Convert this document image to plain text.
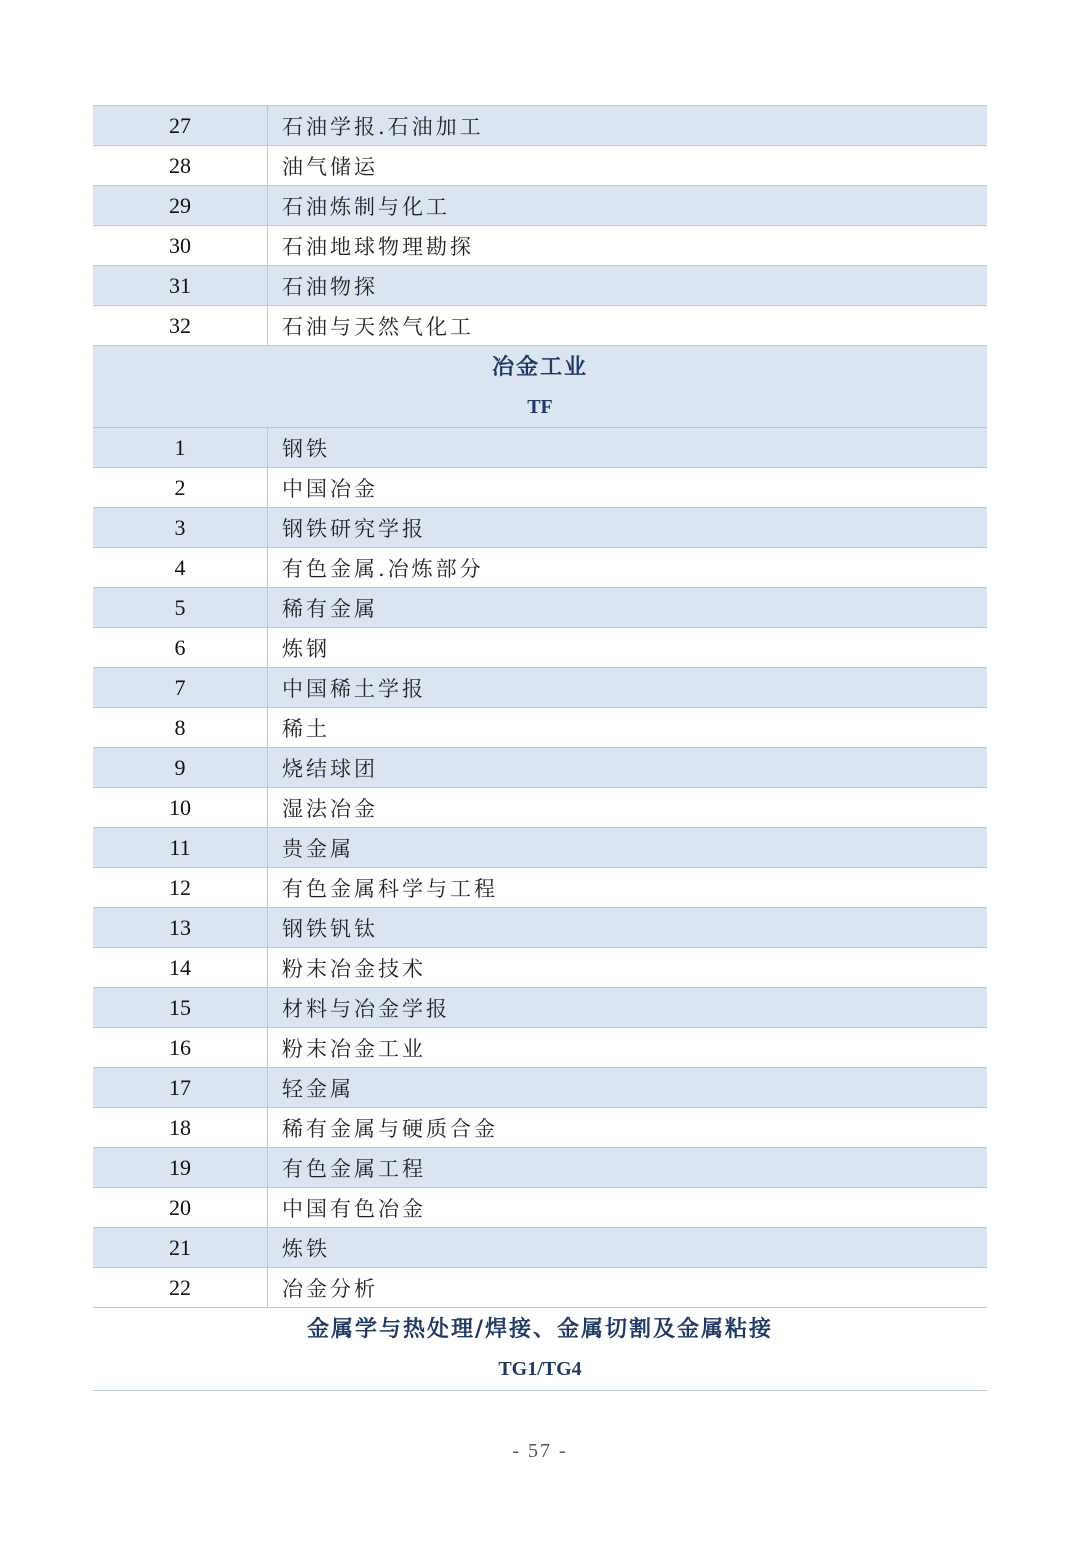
27	石油学报.石油加工
28	油气储运
29	石油炼制与化工
30	石油地球物理勘探
31	石油物探
32	石油与天然气化工
冶金工业
TF
1	钢铁
2	中国冶金
3	钢铁研究学报
4	有色金属.冶炼部分
5	稀有金属
6	炼钢
7	中国稀土学报
8	稀土
9	烧结球团
10	湿法冶金
11	贵金属
12	有色金属科学与工程
13	钢铁钒钛
14	粉末冶金技术
15	材料与冶金学报
16	粉末冶金工业
17	轻金属
18	稀有金属与硬质合金
19	有色金属工程
20	中国有色冶金
21	炼铁
22	冶金分析
金属学与热处理/焊接、金属切割及金属粘接
TG1/TG4
- 57 -
